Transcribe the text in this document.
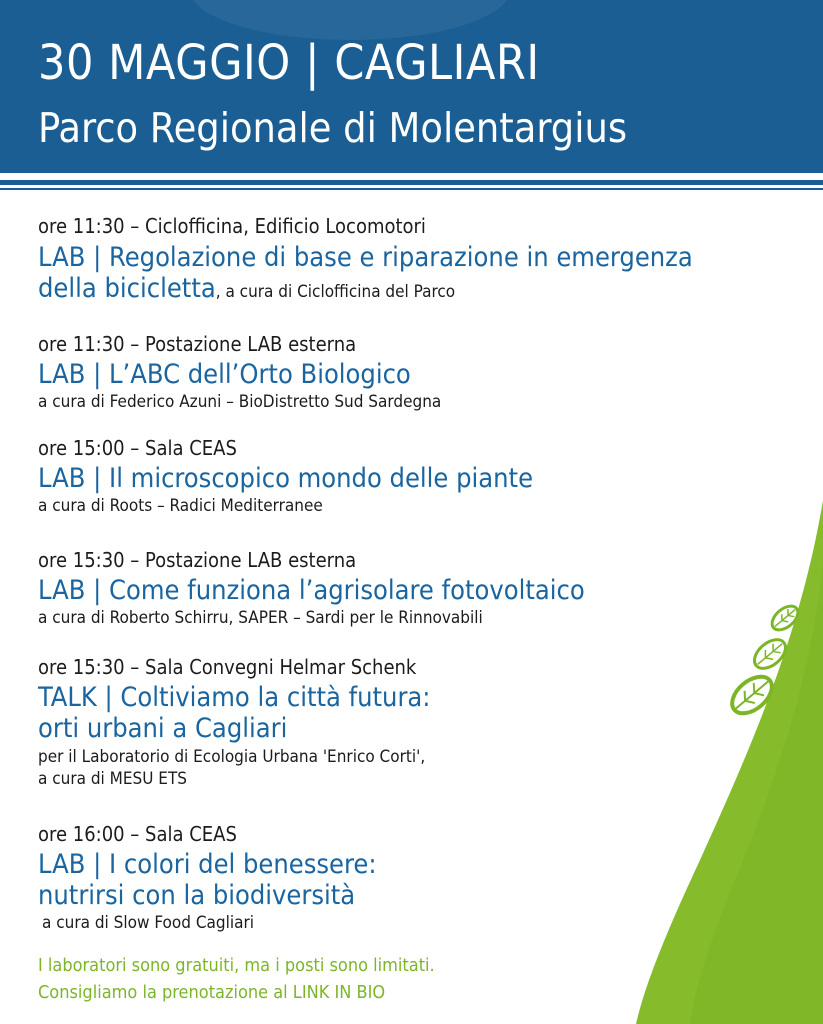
30 MAGGIO | CAGLIARI
Parco Regionale di Molentargius

ore 11:30 – Ciclofficina, Edificio Locomotori

LAB | Regolazione di base e riparazione in emergenza
della bicicletta, a cura di Ciclofficina del Parco

ore 11:30 – Postazione LAB esterna

LAB | L’ABC dell’Orto Biologico

a cura di Federico Azuni – BioDistretto Sud Sardegna

ore 15:00 – Sala CEAS

LAB | Il microscopico mondo delle piante

a cura di Roots – Radici Mediterranee

ore 15:30 – Postazione LAB esterna

LAB | Come funziona l’agrisolare fotovoltaico

a cura di Roberto Schirru, SAPER – Sardi per le Rinnovabili

ore 15:30 – Sala Convegni Helmar Schenk

TALK | Coltiviamo la città futura:
orti urbani a Cagliari

per il Laboratorio di Ecologia Urbana 'Enrico Corti',
a cura di MESU ETS

ore 16:00 – Sala CEAS

LAB | I colori del benessere:
nutrirsi con la biodiversità

a cura di Slow Food Cagliari

I laboratori sono gratuiti, ma i posti sono limitati.

Consigliamo la prenotazione al LINK IN BIO
